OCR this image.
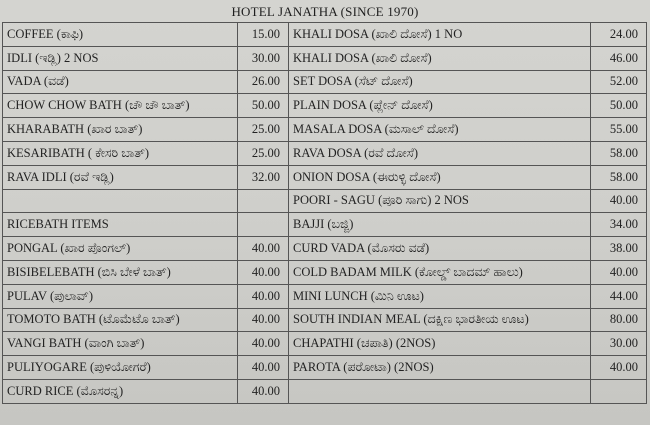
HOTEL JANATHA (SINCE 1970)
COFFEE (ಕಾಫಿ)	15.00	KHALI DOSA (ಖಾಲಿ ದೋಸೆ) 1 NO	24.00
IDLI (ಇಡ್ಲಿ) 2 NOS	30.00	KHALI DOSA (ಖಾಲಿ ದೋಸೆ)	46.00
VADA (ವಡೆ)	26.00	SET DOSA (ಸೆಟ್ ದೋಸೆ)	52.00
CHOW CHOW BATH (ಚೌ ಚೌ ಬಾತ್)	50.00	PLAIN DOSA (ಪ್ಲೇನ್ ದೋಸೆ)	50.00
KHARABATH (ಖಾರ ಬಾತ್)	25.00	MASALA DOSA (ಮಸಾಲ್ ದೋಸೆ)	55.00
KESARIBATH ( ಕೇಸರಿ ಬಾತ್)	25.00	RAVA DOSA (ರವೆ ದೋಸೆ)	58.00
RAVA IDLI (ರವೆ ಇಡ್ಲಿ)	32.00	ONION DOSA (ಈರುಳ್ಳಿ ದೋಸೆ)	58.00
		POORI - SAGU (ಪೂರಿ ಸಾಗು) 2 NOS	40.00
RICEBATH ITEMS		BAJJI (ಬಜ್ಜಿ)	34.00
PONGAL (ಖಾರ ಪೊಂಗಲ್)	40.00	CURD VADA (ಮೊಸರು ವಡೆ)	38.00
BISIBELEBATH (ಬಿಸಿ ಬೇಳೆ ಬಾತ್)	40.00	COLD BADAM MILK (ಕೋಲ್ಡ್ ಬಾದಮ್ ಹಾಲು)	40.00
PULAV (ಪುಲಾವ್)	40.00	MINI LUNCH (ಮಿನಿ ಊಟ)	44.00
TOMOTO BATH (ಟೊಮೆಟೊ ಬಾತ್)	40.00	SOUTH INDIAN MEAL (ದಕ್ಷಿಣ ಭಾರತೀಯ ಊಟ)	80.00
VANGI BATH (ವಾಂಗಿ ಬಾತ್)	40.00	CHAPATHI (ಚಪಾತಿ) (2NOS)	30.00
PULIYOGARE (ಪುಳಿಯೋಗರೆ)	40.00	PAROTA (ಪರೋಟಾ) (2NOS)	40.00
CURD RICE (ಮೊಸರನ್ನ)	40.00		
